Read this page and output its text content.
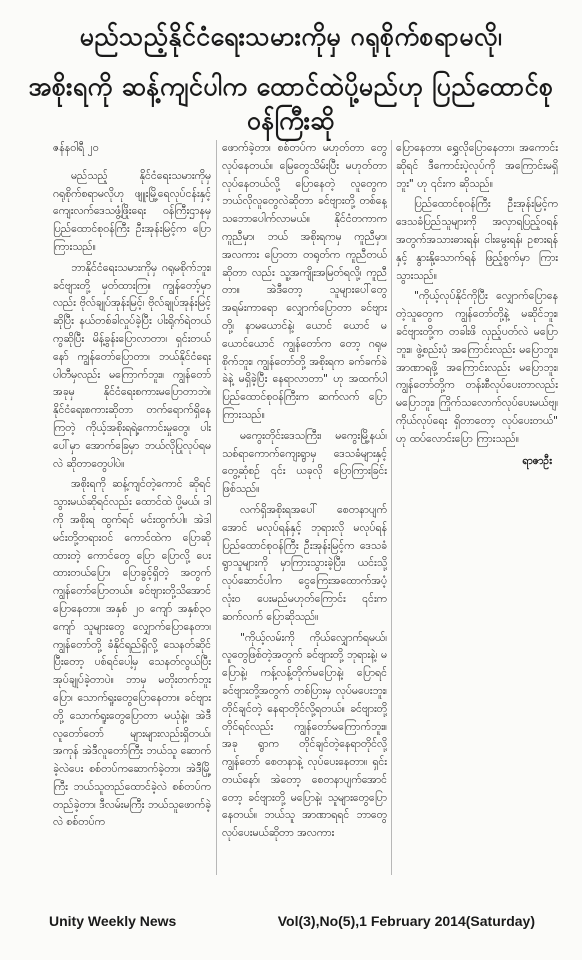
မည်သည့်နိုင်ငံရေးသမားကိုမှ ဂရုစိုက်စရာမလို၊
အစိုးရကို ဆန့်ကျင်ပါက ထောင်ထဲပို့မည်ဟု ပြည်ထောင်စုဝန်ကြီးဆို

ဇန်နဝါရီ ၂၀

မည်သည့် နိုင်ငံရေးသမားကိုမှ ဂရုစိုက်စရာမလိုဟု ဖျူးမြို့ရေလုပ်ငန်းနှင့် ကျေးလက်ဒေသဖွံ့ဖြိုးရေး ဝန်ကြီးဌာနမှ ပြည်ထောင်စုဝန်ကြီး ဦးအုန်းမြင့်က ပြောကြားသည်။

ဘာနိုင်ငံရေးသမားကိုမှ ဂရုမစိုက်ဘူး၊ ခင်ဗျားတို့ မှတ်ထားကြ။ ကျွန်တော့်မှာလည်း ဗိုလ်ချုပ်အုန်းမြင့်၊ ဗိုလ်ချုပ်အုန်းမြင့်ဆိုပြီး နယ်တစ်ခါလှုပ်ခဲ့ပြီး ပါးရိုက်ရဲတယ်ကွဆိုပြီး မိန့်ခွန်းပြောလာတာ၊ ရှင်းတယ်နော် ကျွန်တော်ပြောတာ၊ ဘယ်နိုင်ငံရေးပါတီမှလည်း မကြောက်ဘူး။ ကျွန်တော် အခုမှ နိုင်ငံရေးစကားမပြောတာဘဲ။ နိုင်ငံရေးစကားဆိုတာ တက်ရောက်ရှိနေကြတဲ့ ကိုယ့်အစိုးရရဲ့ကောင်းမှုတွေ၊ ပါးပေါ်မှာ အောက်ခြေမှာ ဘယ်လိုပြုလုပ်ရမလဲ ဆိုတာတွေပါပဲ။

အစိုးရကို ဆန့်ကျင်တဲ့ကောင် ဆိုရင် သွားမယ်ဆိုရင်လည်း ထောင်ထဲ ပို့မယ်၊ ဒါကို အစိုးရ ထွက်ရင် မင်းထွက်ပါ။ အဲဒါ မင်းတို့တရားဝင် ကောင်ထဲက ပြောဆိုထားတဲ့ ကောင်တွေ ပြော ပြောလို့ ပေးထားတယ်ပြော၊ ပြောခွင့်ရှိတဲ့ အတွက် ကျွန်တော်ပြောတယ်။ ခင်ဗျားတို့သိအောင် ပြောနေတာ။ အနှစ် ၂၀ ကျော် အနှစ်၃၀ ကျော် သူများတွေ လျှောက်ပြောနေတာ၊ ကျွန်တော်တို့ ခံနိုင်ရည်ရှိလို့ သေနတ်ဆိုင်ပြီးတော့ ပစ်ရင်ပေါ့မှ သေနတ်လွယ်ပြီး အုပ်ချုပ်ခဲ့တာပဲ။ ဘာမှ မတိုးတက်ဘူးပြော၊ သောက်ရူးတွေပြောနေတာ။ ခင်ဗျားတို့ သောက်ရူးတွေပြောတာ မယုံနဲ့။ အဲဒီ လူတော်တော် များများလည်းရှိတယ်၊ အကုန် အဲဒီလူတော်ကြီး ဘယ်သူ ဆောက်ခဲ့လဲပေး စစ်တပ်ကဆောက်ခဲ့တာ၊ အဲဒီမြို့ကြီး ဘယ်သူတည်ထောင်ခဲ့လဲ စစ်တပ်ကတည်ခဲ့တာ၊ ဒီလမ်းမကြီး ဘယ်သူဖောက်ခဲ့လဲ စစ်တပ်က

ဖောက်ခဲ့တာ၊ စစ်တပ်က မဟုတ်တာ တွေလုပ်နေတယ်။ မြေတွေသိမ်းပြီး မဟုတ်တာလုပ်နေတယ်လို့ ပြောနေတဲ့ လူတွေက ဘယ်လိုလူတွေလဲဆိုတာ ခင်ဗျားတို့ တစ်နေ့သဘောပေါက်လာမယ်။ နိုင်ငံတကာက ကူညီမှာ၊ ဘယ် အစိုးရကမှ ကူညီမှာ၊ အလကား ပြောတာ တရုတ်က ကူညီတယ်ဆိုတာ လည်း သူ့အကျိုးအမြတ်ရလို့၊ ကူညီ တာ။ အဲဒီတော့ သူများပေါ်တွေ အရမ်းကာရော လျှောက်ပြောတာ ခင်ဗျားတို့၊ နာမယောင်နဲ့၊ ယောင် ယောင် မယောင်ယောင် ကျွန်တော်က တော့ ဂရုမစိုက်ဘူး၊ ကျွန်တော်တို့ အစိုးရက ခက်ခက်ခဲခဲနဲ့ မရှိခဲ့ပြီး နေရာလာတာ" ဟု အထက်ပါ ပြည်ထောင်စုဝန်ကြီးက ဆက်လက် ပြောကြားသည်။

မကွေးတိုင်းဒေသကြီး၊ မကွေးမြို့နယ်၊ သစ်ရာကောက်ကျေးရွာမှ ဒေသခံများနှင့်တွေ့ဆုံစဉ် ၎င်း ယခုလို ပြောကြားခြင်း ဖြစ်သည်။

လက်ရှိအစိုးရအပေါ် စေတနာပျက်အောင် မလုပ်ရန်နှင့် ဘုရားလို မလုပ်ရန် ပြည်ထောင်စုဝန်ကြီး ဦးအုန်းမြင့်က ဒေသခံရွာသူများကို မှာကြားသွားခဲ့ပြီး၊ ယင်းသို့လုပ်ဆောင်ပါက ငွေကြေးအထောက်အပံ့ လုံးဝ ပေးမည်မဟုတ်ကြောင်း ၎င်းက ဆက်လက် ပြောဆိုသည်။

"ကိုယ့်လမ်းကို ကိုယ်လျှောက်ရမယ်၊ လူတွေဖြစ်တဲ့အတွက် ခင်ဗျားတို့ ဘုရားနဲ့၊ မပြောနဲ့၊ ကန့်လန့်တိုက်မပြောနဲ့၊ ပြောရင်ခင်ဗျားတို့အတွက် တစ်ပြားမှ လုပ်မပေးဘူး၊ တိုင်ချင်တဲ့ နေရာတိုင်လို့ရတယ်။ ခင်ဗျားတို့ တိုင်ရင်လည်း ကျွန်တော်မကြောက်ဘူး။ အခု ရွာက တိုင်ချင်တဲ့နေရာတိုင်လို့ ကျွန်တော် စေတနာနဲ့ လုပ်ပေးနေတာ။ ရှင်းတယ်နော်၊ အဲတော့ စေတနာပျက်အောင်တော့ ခင်ဗျားတို့ မပြောနဲ့၊ သူများတွေပြောနေတယ်။ ဘယ်သူ အာဏာရရင် ဘာတွေလုပ်ပေးမယ်ဆိုတာ အလကား

ပြောနေတာ၊ ရွှေလိုပြောနေတာ၊ အကောင်းဆိုရင် ဒီကောင်းပဲ့လုပ်ကို အကြောင်းမရှိဘူး" ဟု ၎င်းက ဆိုသည်။

ပြည်ထောင်စုဝန်ကြီး ဦးအုန်းမြင့်က ဒေသခံပြည်သူများကို အလှာရပြည့်ဝရန် အတွက်အသားဓားရန်၊ ငါးမွေးရန်၊ ဥစားရန်နှင့် နွားနို့သောက်ရန် ဖြည့်စွက်မှာ ကြားသွားသည်။

"ကိုယ့်လုပ်နိုင်ကိုပြီး လျှောက်ပြောနေတဲ့သူတွေက ကျွန်တော်တို့နဲ့ မဆိုင်ဘူး၊ ခင်ဗျားတို့က တခါးဖိ လှည့်ပတ်လဲ မပြောဘူး။ ဖွဲ့စည်းပုံ အကြောင်းလည်း မပြောဘူး၊ အာဏာရဖို့ အကြောင်းလည်း မပြောဘူး၊ ကျွန်တော်တို့က တန်းစီလုပ်ပေးတာလည်း မပြောဘူး၊ ကြိုက်သလောက်လုပ်ပေးမယ်ဗျ၊ ကိုယ်လုပ်ရေး ရှိတာတော့ လုပ်ပေးတယ်" ဟု ထပ်လောင်းပြော ကြားသည်။

ရာဇာဦး

Unity Weekly News	Vol(3),No(5),1 February 2014(Saturday)
